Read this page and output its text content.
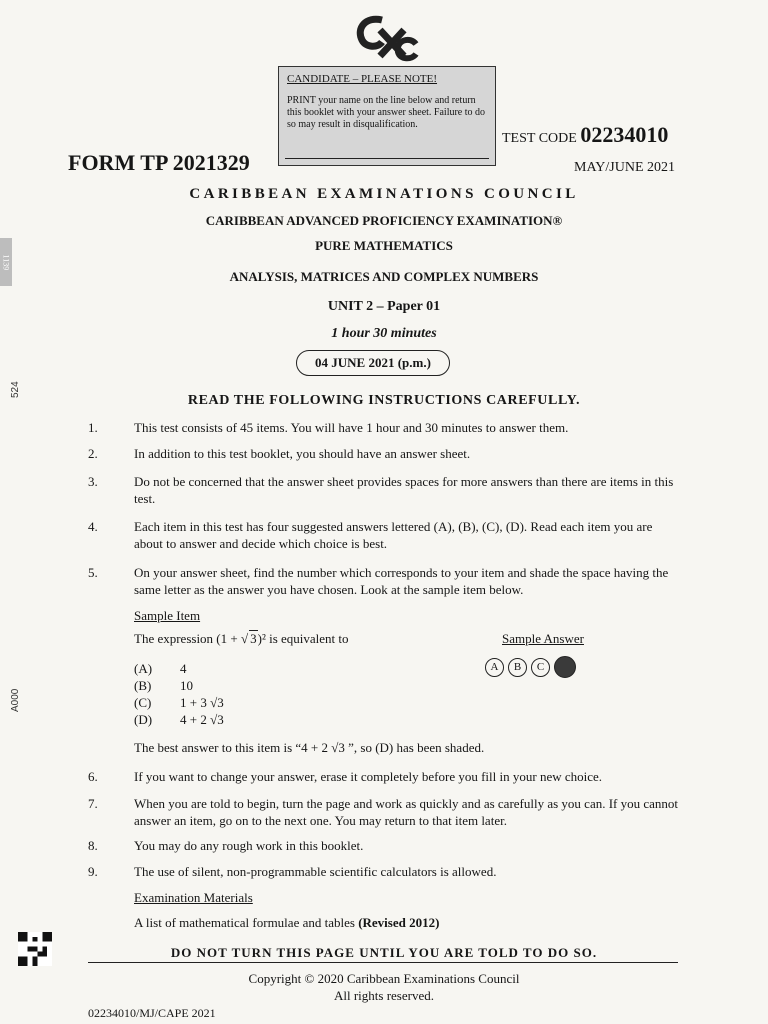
CANDIDATE – PLEASE NOTE!
PRINT your name on the line below and return this booklet with your answer sheet. Failure to do so may result in disqualification.
TEST CODE 02234010
FORM TP 2021329	MAY/JUNE 2021
524
A000
1139
CARIBBEAN EXAMINATIONS COUNCIL
CARIBBEAN ADVANCED PROFICIENCY EXAMINATION®
PURE MATHEMATICS
ANALYSIS, MATRICES AND COMPLEX NUMBERS
UNIT 2 – Paper 01
1 hour 30 minutes
04 JUNE 2021 (p.m.)
READ THE FOLLOWING INSTRUCTIONS CAREFULLY.
1.	This test consists of 45 items. You will have 1 hour and 30 minutes to answer them.
2.	In addition to this test booklet, you should have an answer sheet.
3.	Do not be concerned that the answer sheet provides spaces for more answers than there are items in this test.
4.	Each item in this test has four suggested answers lettered (A), (B), (C), (D). Read each item you are about to answer and decide which choice is best.
5.	On your answer sheet, find the number which corresponds to your item and shade the space having the same letter as the answer you have chosen. Look at the sample item below.
Sample Item
The expression (1 + √ 3)² is equivalent to	Sample Answer
(A) 4
(B) 10
(C) 1 + 3 √3
(D) 4 + 2 √3
A B C
The best answer to this item is “4 + 2 √3 ”, so (D) has been shaded.
6.	If you want to change your answer, erase it completely before you fill in your new choice.
7.	When you are told to begin, turn the page and work as quickly and as carefully as you can. If you cannot answer an item, go on to the next one. You may return to that item later.
8.	You may do any rough work in this booklet.
9.	The use of silent, non-programmable scientific calculators is allowed.
Examination Materials
A list of mathematical formulae and tables (Revised 2012)
DO NOT TURN THIS PAGE UNTIL YOU ARE TOLD TO DO SO.
Copyright © 2020 Caribbean Examinations Council
All rights reserved.
02234010/MJ/CAPE 2021
